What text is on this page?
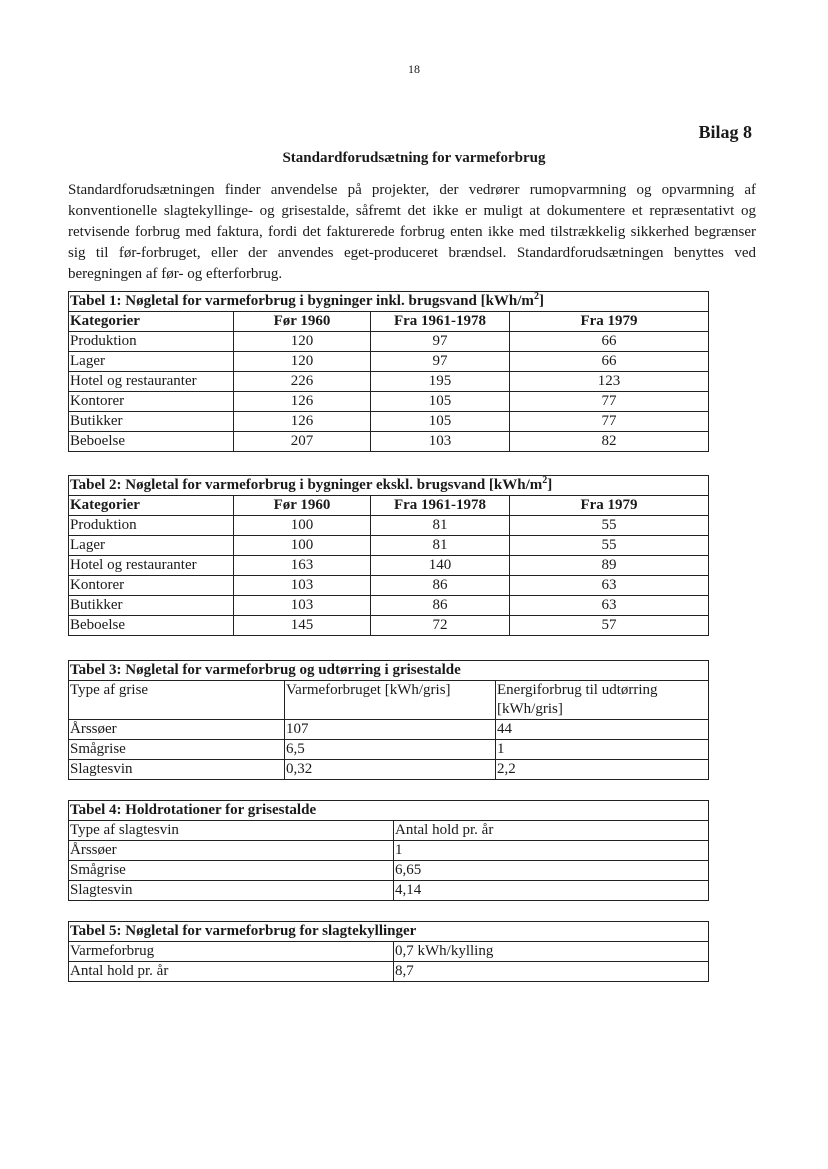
18
Bilag 8
Standardforudsætning for varmeforbrug
Standardforudsætningen finder anvendelse på projekter, der vedrører rumopvarmning og opvarmning af konventionelle slagtekyllinge- og grisestalde, såfremt det ikke er muligt at dokumentere et repræsentativt og retvisende forbrug med faktura, fordi det fakturerede forbrug enten ikke med tilstrækkelig sikkerhed begrænser sig til før-forbruget, eller der anvendes eget-produceret brændsel. Standardforudsætningen benyttes ved beregningen af før- og efterforbrug.
Tabel 1: Nøgletal for varmeforbrug i bygninger inkl. brugsvand $[kWh/m^2]$			
Kategorier	Før 1960	Fra 1961-1978	Fra 1979
Produktion	120	97	66
Lager	120	97	66
Hotel og restauranter	226	195	123
Kontorer	126	105	77
Butikker	126	105	77
Beboelse	207	103	82
Tabel 2: Nøgletal for varmeforbrug i bygninger ekskl. brugsvand $[kWh/m^2]$			
Kategorier	Før 1960	Fra 1961-1978	Fra 1979
Produktion	100	81	55
Lager	100	81	55
Hotel og restauranter	163	140	89
Kontorer	103	86	63
Butikker	103	86	63
Beboelse	145	72	57
Tabel 3: Nøgletal for varmeforbrug og udtørring i grisestalde		
Type af grise	Varmeforbruget [kWh/gris]	Energiforbrug til udtørring [kWh/gris]
Årssøer	107	44
Smågrise	6,5	1
Slagtesvin	0,32	2,2
Tabel 4: Holdrotationer for grisestalde	
Type af slagtesvin	Antal hold pr. år
Årssøer	1
Smågrise	6,65
Slagtesvin	4,14
Tabel 5: Nøgletal for varmeforbrug for slagtekyllinger	
Varmeforbrug	0,7 kWh/kylling
Antal hold pr. år	8,7
